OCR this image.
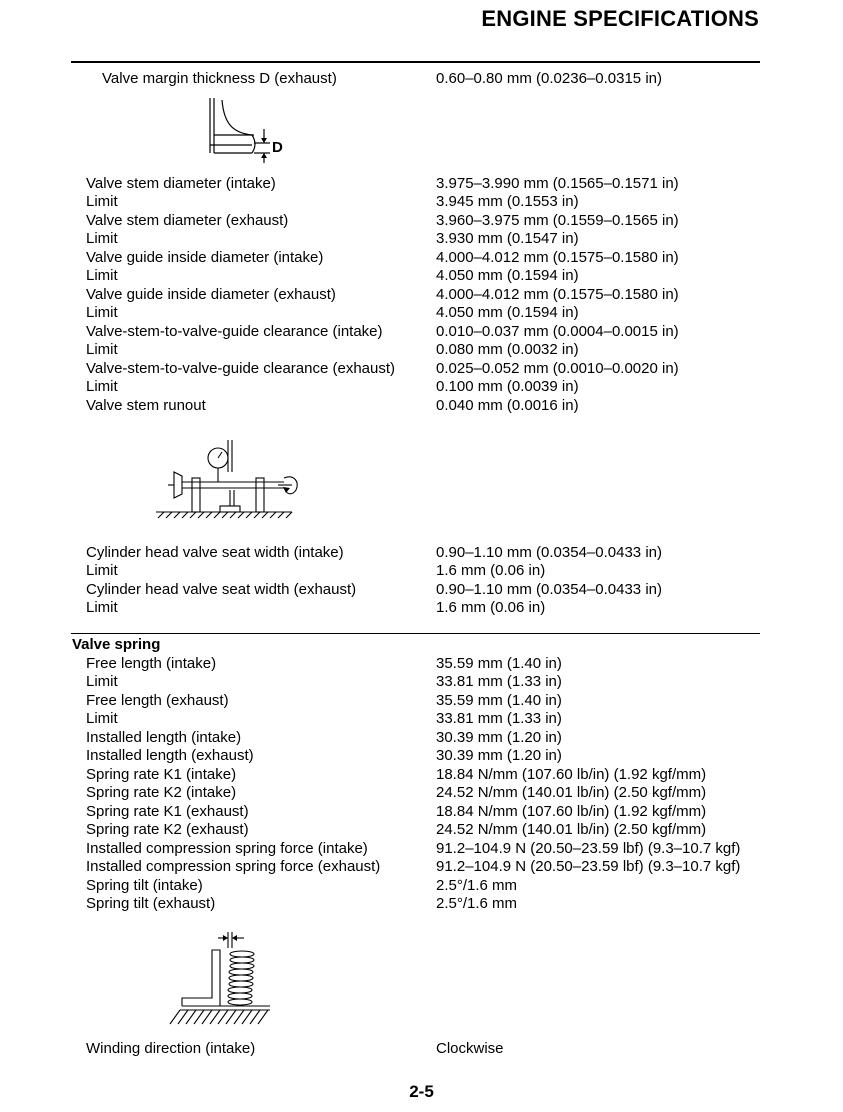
ENGINE SPECIFICATIONS
Valve margin thickness D (exhaust)	0.60–0.80 mm (0.0236–0.0315 in)
D
Valve stem diameter (intake)	3.975–3.990 mm (0.1565–0.1571 in)
Limit	3.945 mm (0.1553 in)
Valve stem diameter (exhaust)	3.960–3.975 mm (0.1559–0.1565 in)
Limit	3.930 mm (0.1547 in)
Valve guide inside diameter (intake)	4.000–4.012 mm (0.1575–0.1580 in)
Limit	4.050 mm (0.1594 in)
Valve guide inside diameter (exhaust)	4.000–4.012 mm (0.1575–0.1580 in)
Limit	4.050 mm (0.1594 in)
Valve-stem-to-valve-guide clearance (intake)	0.010–0.037 mm (0.0004–0.0015 in)
Limit	0.080 mm (0.0032 in)
Valve-stem-to-valve-guide clearance (exhaust)	0.025–0.052 mm (0.0010–0.0020 in)
Limit	0.100 mm (0.0039 in)
Valve stem runout	0.040 mm (0.0016 in)
Cylinder head valve seat width (intake)	0.90–1.10 mm (0.0354–0.0433 in)
Limit	1.6 mm (0.06 in)
Cylinder head valve seat width (exhaust)	0.90–1.10 mm (0.0354–0.0433 in)
Limit	1.6 mm (0.06 in)
Valve spring
Free length (intake)	35.59 mm (1.40 in)
Limit	33.81 mm (1.33 in)
Free length (exhaust)	35.59 mm (1.40 in)
Limit	33.81 mm (1.33 in)
Installed length (intake)	30.39 mm (1.20 in)
Installed length (exhaust)	30.39 mm (1.20 in)
Spring rate K1 (intake)	18.84 N/mm (107.60 lb/in) (1.92 kgf/mm)
Spring rate K2 (intake)	24.52 N/mm (140.01 lb/in) (2.50 kgf/mm)
Spring rate K1 (exhaust)	18.84 N/mm (107.60 lb/in) (1.92 kgf/mm)
Spring rate K2 (exhaust)	24.52 N/mm (140.01 lb/in) (2.50 kgf/mm)
Installed compression spring force (intake)	91.2–104.9 N (20.50–23.59 lbf) (9.3–10.7 kgf)
Installed compression spring force (exhaust)	91.2–104.9 N (20.50–23.59 lbf) (9.3–10.7 kgf)
Spring tilt (intake)	2.5°/1.6 mm
Spring tilt (exhaust)	2.5°/1.6 mm
Winding direction (intake)	Clockwise
2-5
